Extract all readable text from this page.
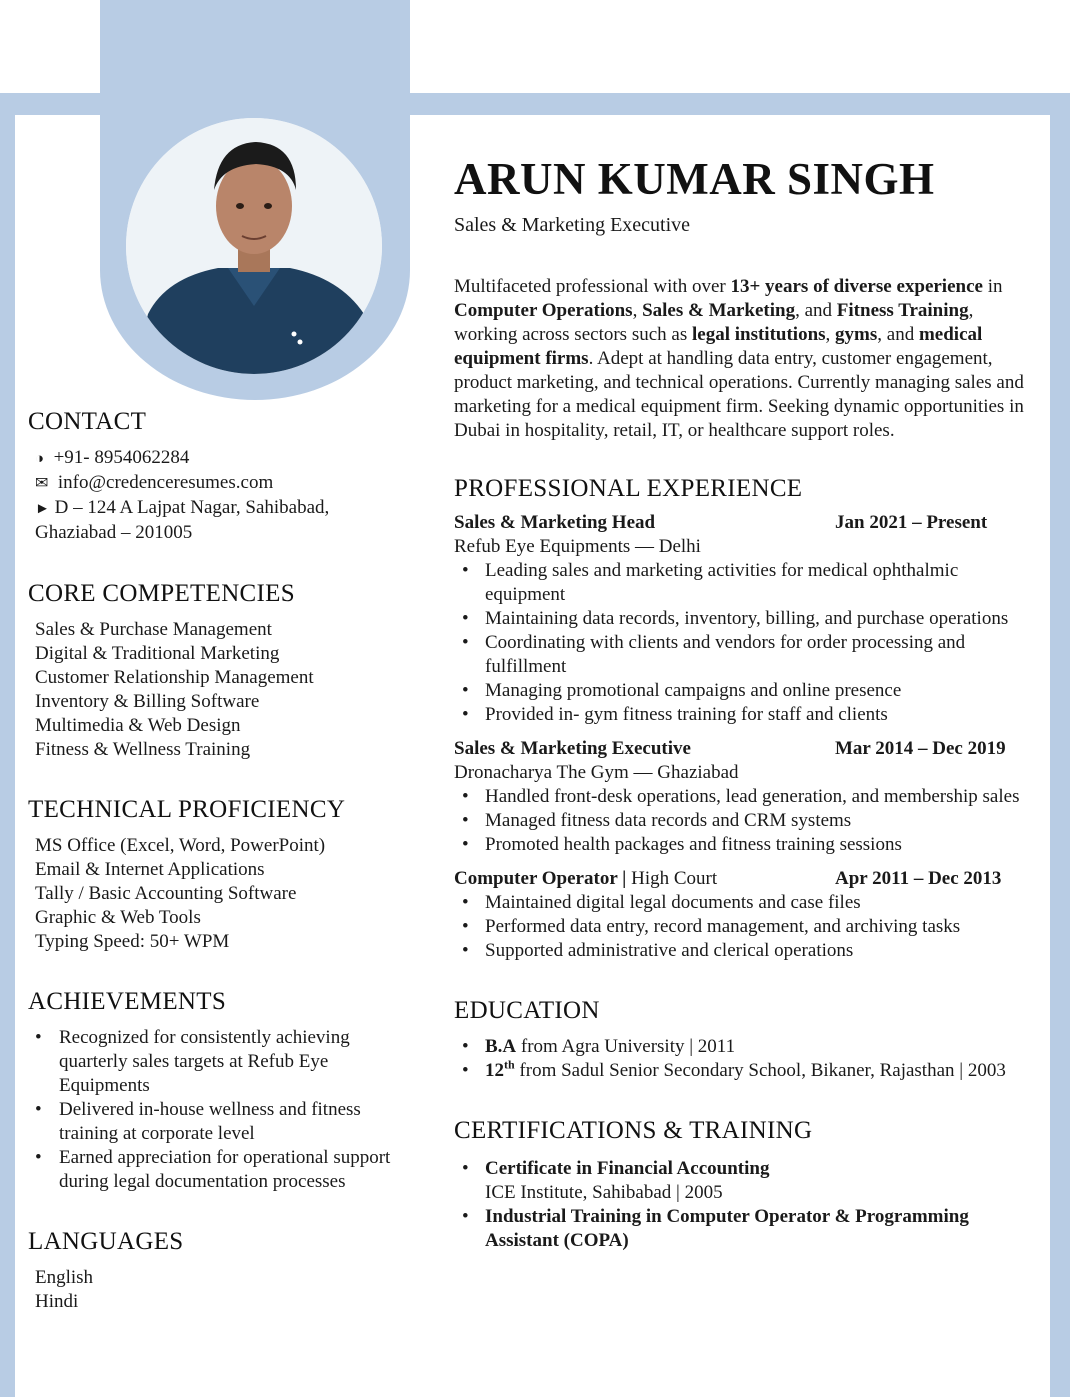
CONTACT
◑ +91- 8954062284
✉ info@credenceresumes.com
► D – 124 A Lajpat Nagar, Sahibabad,
Ghaziabad – 201005
CORE COMPETENCIES
Sales & Purchase Management
Digital & Traditional Marketing
Customer Relationship Management
Inventory & Billing Software
Multimedia & Web Design
Fitness & Wellness Training
TECHNICAL PROFICIENCY
MS Office (Excel, Word, PowerPoint)
Email & Internet Applications
Tally / Basic Accounting Software
Graphic & Web Tools
Typing Speed: 50+ WPM
ACHIEVEMENTS
• Recognized for consistently achieving quarterly sales targets at Refub Eye Equipments
• Delivered in-house wellness and fitness training at corporate level
• Earned appreciation for operational support during legal documentation processes
LANGUAGES
English
Hindi
ARUN KUMAR SINGH
Sales & Marketing Executive

Multifaceted professional with over 13+ years of diverse experience in Computer Operations, Sales & Marketing, and Fitness Training, working across sectors such as legal institutions, gyms, and medical equipment firms. Adept at handling data entry, customer engagement, product marketing, and technical operations. Currently managing sales and marketing for a medical equipment firm. Seeking dynamic opportunities in Dubai in hospitality, retail, IT, or healthcare support roles.

PROFESSIONAL EXPERIENCE
Sales & Marketing Head	Jan 2021 – Present
Refub Eye Equipments — Delhi
• Leading sales and marketing activities for medical ophthalmic equipment
• Maintaining data records, inventory, billing, and purchase operations
• Coordinating with clients and vendors for order processing and fulfillment
• Managing promotional campaigns and online presence
• Provided in- gym fitness training for staff and clients
Sales & Marketing Executive	Mar 2014 – Dec 2019
Dronacharya The Gym — Ghaziabad
• Handled front-desk operations, lead generation, and membership sales
• Managed fitness data records and CRM systems
• Promoted health packages and fitness training sessions
Computer Operator | High Court	Apr 2011 – Dec 2013
• Maintained digital legal documents and case files
• Performed data entry, record management, and archiving tasks
• Supported administrative and clerical operations
EDUCATION
• B.A from Agra University | 2011
• 12th from Sadul Senior Secondary School, Bikaner, Rajasthan | 2003
CERTIFICATIONS & TRAINING
• Certificate in Financial Accounting
ICE Institute, Sahibabad | 2005
• Industrial Training in Computer Operator & Programming Assistant (COPA)
